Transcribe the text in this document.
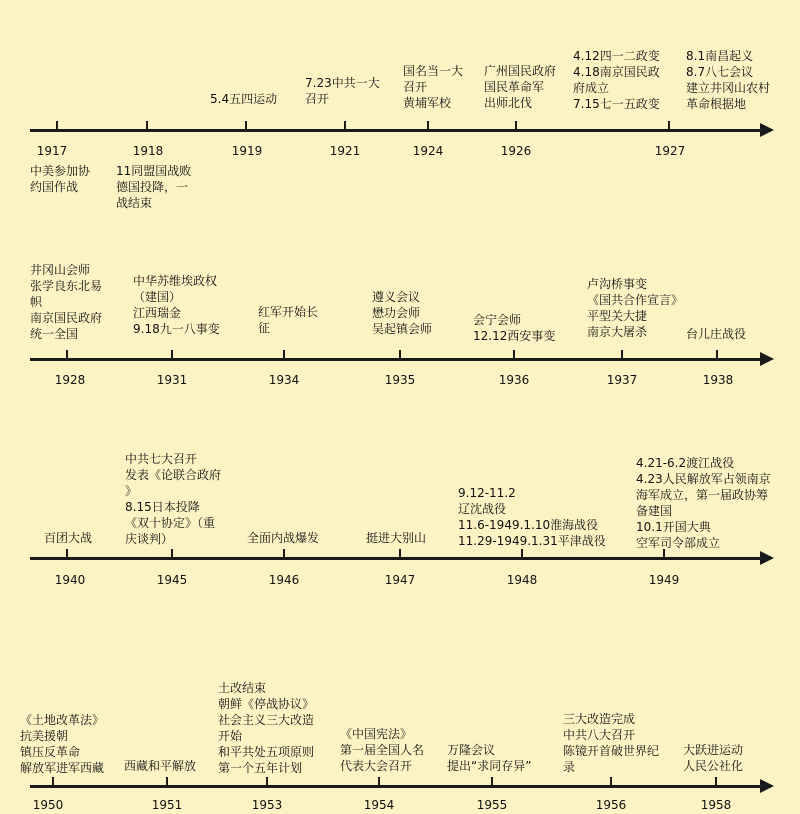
1917	1918	1919	1921	1924	1926	1927

中美参加协
约国作战

11同盟国战败
德国投降，一
战结束

5.4五四运动

7.23中共一大
召开

国名当一大
召开
黄埔军校

广州国民政府
国民革命军
出师北伐

4.12四一二政变
4.18南京国民政
府成立
7.15七一五政变

8.1南昌起义
8.7八七会议
建立井冈山农村
革命根据地

1928	1931	1934	1935	1936	1937	1938

井冈山会师
张学良东北易
帜
南京国民政府
统一全国

中华苏维埃政权
（建国）
江西瑞金
9.18九一八事变

红军开始长
征

遵义会议
懋功会师
吴起镇会师

会宁会师
12.12西安事变

卢沟桥事变
《国共合作宣言》
平型关大捷
南京大屠杀	台儿庄战役

1940	1945	1946	1947	1948	1949

百团大战

中共七大召开
发表《论联合政府
》
8.15日本投降
《双十协定》（重
庆谈判）	全面内战爆发	挺进大别山

9.12-11.2
辽沈战役
11.6-1949.1.10淮海战役
11.29-1949.1.31平津战役

4.21-6.2渡江战役
4.23人民解放军占领南京
海军成立，第一届政协筹
备建国
10.1开国大典
空军司令部成立

1950	1951	1953	1954	1955	1956	1958

《土地改革法》
抗美援朝
镇压反革命
解放军进军西藏 西藏和平解放

土改结束
朝鲜《停战协议》
社会主义三大改造
开始
和平共处五项原则
第一个五年计划

《中国宪法》
第一届全国人名
代表大会召开

万隆会议
提出“求同存异”

三大改造完成
中共八大召开
陈镜开首破世界纪
录

大跃进运动
人民公社化
